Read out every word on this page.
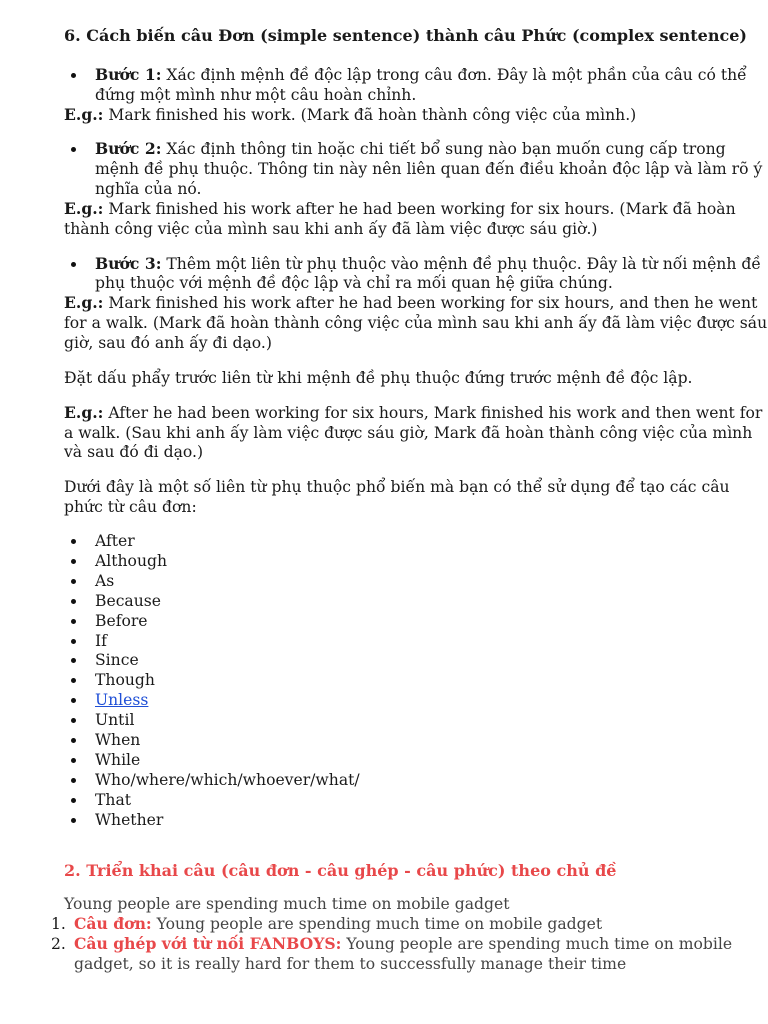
6. Cách biến câu Đơn (simple sentence) thành câu Phức (complex sentence)
Bước 1: Xác định mệnh đề độc lập trong câu đơn. Đây là một phần của câu có thể
đứng một mình như một câu hoàn chỉnh.
E.g.: Mark finished his work. (Mark đã hoàn thành công việc của mình.)
Bước 2: Xác định thông tin hoặc chi tiết bổ sung nào bạn muốn cung cấp trong
mệnh đề phụ thuộc. Thông tin này nên liên quan đến điều khoản độc lập và làm rõ ý
nghĩa của nó.
E.g.: Mark finished his work after he had been working for six hours. (Mark đã hoàn
thành công việc của mình sau khi anh ấy đã làm việc được sáu giờ.)
Bước 3: Thêm một liên từ phụ thuộc vào mệnh đề phụ thuộc. Đây là từ nối mệnh đề
phụ thuộc với mệnh đề độc lập và chỉ ra mối quan hệ giữa chúng.
E.g.: Mark finished his work after he had been working for six hours, and then he went
for a walk. (Mark đã hoàn thành công việc của mình sau khi anh ấy đã làm việc được sáu
giờ, sau đó anh ấy đi dạo.)
Đặt dấu phẩy trước liên từ khi mệnh đề phụ thuộc đứng trước mệnh đề độc lập.
E.g.: After he had been working for six hours, Mark finished his work and then went for
a walk. (Sau khi anh ấy làm việc được sáu giờ, Mark đã hoàn thành công việc của mình
và sau đó đi dạo.)
Dưới đây là một số liên từ phụ thuộc phổ biến mà bạn có thể sử dụng để tạo các câu
phức từ câu đơn:
After
Although
As
Because
Before
If
Since
Though
Unless
Until
When
While
Who/where/which/whoever/what/
That
Whether
2. Triển khai câu (câu đơn - câu ghép - câu phức) theo chủ đề
Young people are spending much time on mobile gadget
1. Câu đơn: Young people are spending much time on mobile gadget
2. Câu ghép với từ nối FANBOYS: Young people are spending much time on mobile
gadget, so it is really hard for them to successfully manage their time
